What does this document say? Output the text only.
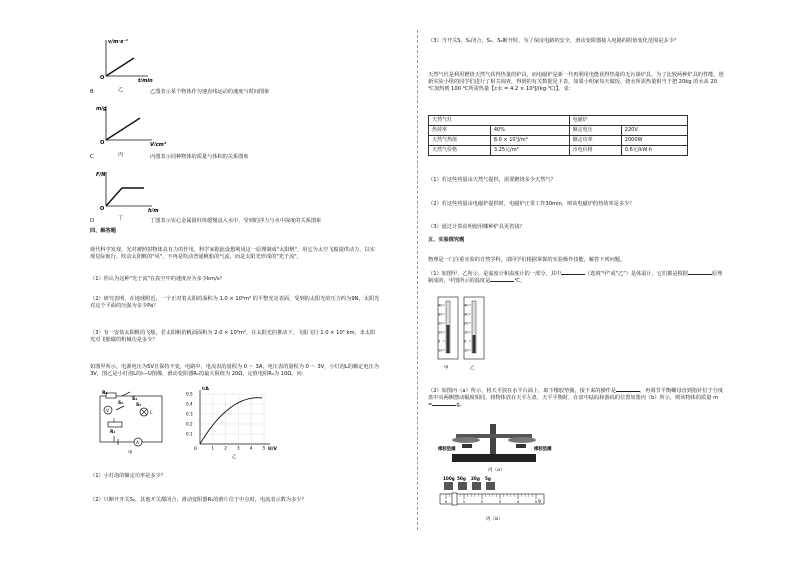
v/m·s⁻¹
O	t/min
B	乙	乙图表示某个物体作匀速直线运动的速度与时间图象
m/g
O	V/cm³
C	丙	丙图表示同种物体的质量与体积的关系图象
F/N
O	h/m
D	丁	丁图表示实心金属圆柱体缓慢浸入水中，受到的浮力与水中深度的关系图象
四、解答题
现代科学发现，光对被照射物体具有力的作用，科学家据此设想利用这一原理制成"太阳帆"，用它为太空飞船提供动力，以实现星际航行。吹动太阳帆的"风"，不再是吹动普通帆船的气流，而是太阳光形成的"光子流"。
（1）你认为这种"光子流"在真空中的速度应为多少km/s？
（2）研究表明，在地球附近，一个正对着太阳的面积为 1.0 × 10⁶m² 的平整光亮表面，受到的太阳光的压力约为9N，太阳光对这个平面的压强为多少Pa？
（3）有一安装太阳帆的飞船，若太阳帆的帆面面积为 2.0 × 10⁵m²，在太阳光的推动下，飞船飞行 1.0 × 10⁵ km，求太阳光对飞船做的机械功是多少？
如图甲所示，电源电压为5V且保持不变，电路中，电流表的量程为 0 ～ 3A，电压表的量程为 0 ～ 3V，小灯泡L的额定电压为3V，图乙是小灯泡L的I—U图像，滑动变阻器R₁的最大阻值为 20Ω，定值电阻R₂为 10Ω，问：
R₂
S₁
V
S₂
L
S₃
R₁
A
甲
I/A
U/V
0
0.1
0.2
0.3
0.4
0.5
1 2 3 4 5
乙
（1）小灯泡的额定功率是多少？
（2）只断开开关S₂，其他开关都闭合，滑动变阻器R₁的滑片位于中点时，电流表示数为多少？
（3）当开关S、S₁闭合，S₂、S₃断开时，为了保证电路的安全，滑动变阻器接入电路的阻值变化范围是多少？
天然气灶是利用燃烧天然气获得热量的炉具，而电磁炉是新一代再利用电能获得热量的无污染炉具，为了比较两种炉具的性能，创新实验小组的同学们进行了相关调查，得到的有关数据见下表，如果小明家每天做饭、烧水所需热量相当于把 20kg 的水从 20 ℃加热到 100 ℃所需热量【c水 = 4.2 × 10³J/(kg·℃)】，求：
天然气灶		电磁炉	
热效率	40%	额定电压	220V
天然气热值	8.0 × 10⁷J/m³	额定功率	2000W
天然气价格	3.25元/m³	市电价格	0.6元/kW·h
（1）若这些热量由天然气提供，需要燃烧多少天然气？
（2）若这些热量由电磁炉提供时，电磁炉正常工作30min，则该电磁炉的热效率是多少？
（3）通过计算说明使用哪种炉具更省钱？
五、实验探究题
物理是一门注重实验的自然学科，请同学们根据掌握的实验操作技能，解答下列问题。
（1）如图甲、乙所示，是温度计和温度计的一部分，其中	（选填"甲"或"乙"）是体温计，它们都是根据	原理制成的，甲图所示的温度是	℃。
40
30
20
10
0
10
40
30
20
10
0
10
甲	乙
（2）如图丙（a）所示，将天平放在水平台面上，取下橡胶垫圈，接下来的操作是	，再调节平衡螺母直到指针位于分度盘中央两侧摆动幅度相同，将物体放在天平左盘，天平平衡时，在盘中砝码和游码的位置如图丙（b）所示，则该物体的质量 m =	g。
橡胶垫圈	橡胶垫圈
丙（a）
100g 50g 20g 5g
0	1	2	3	4	5 g
丙（b）
